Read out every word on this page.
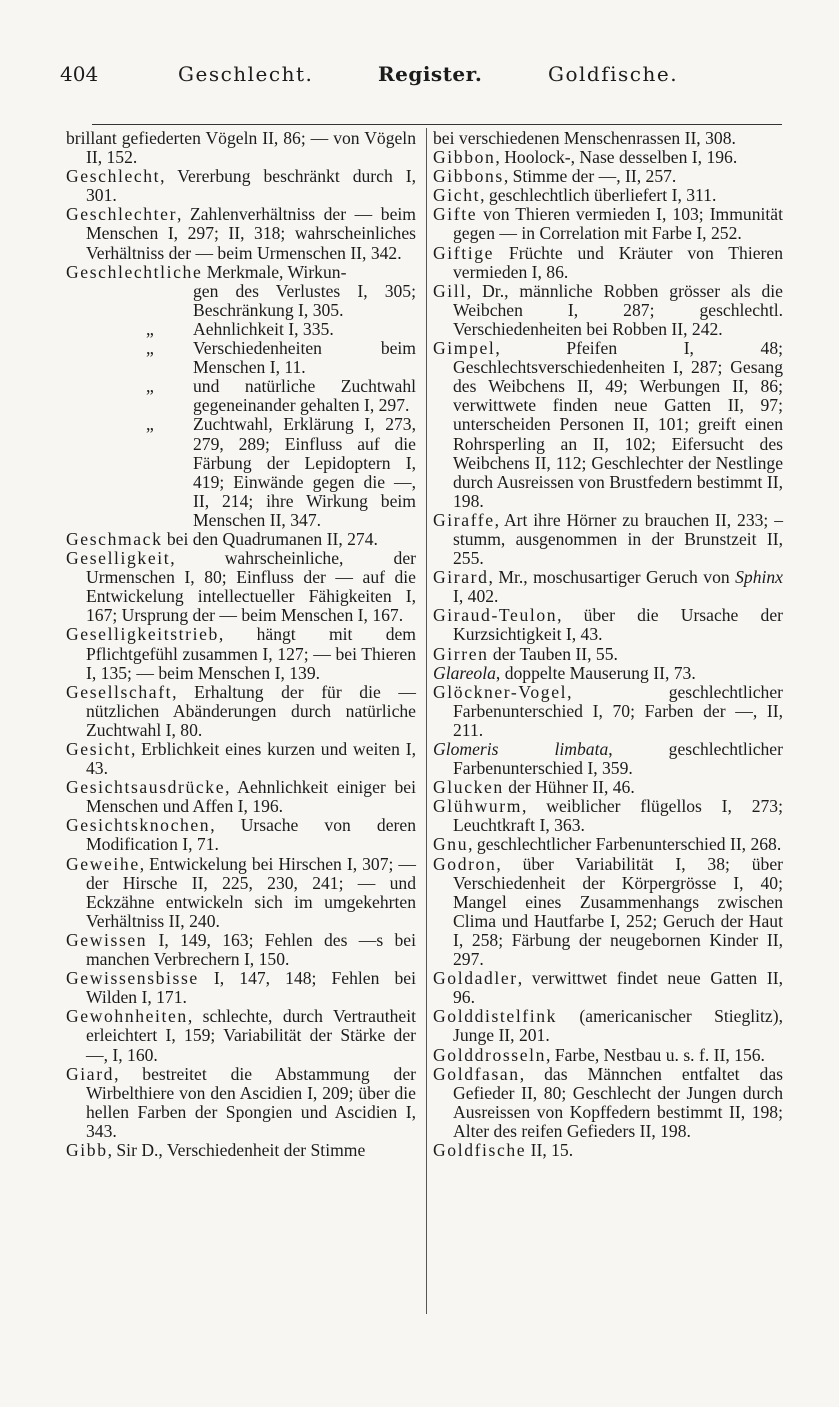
404	Geschlecht.	Register.	Goldfische.

brillant gefiederten Vögeln II, 86; — von Vögeln II, 152.

Geschlecht, Vererbung beschränkt durch I, 301.

Geschlechter, Zahlenverhältniss der — beim Menschen I, 297; II, 318; wahrscheinliches Verhältniss der — beim Urmenschen II, 342.

Geschlechtliche Merkmale, Wirkun-

gen des Verlustes I, 305; Beschränkung I, 305.

„ Aehnlichkeit I, 335.

„ Verschiedenheiten beim Menschen I, 11.

„ und natürliche Zuchtwahl gegeneinander gehalten I, 297.

„ Zuchtwahl, Erklärung I, 273, 279, 289; Einfluss auf die Färbung der Lepidoptern I, 419; Einwände gegen die —, II, 214; ihre Wirkung beim Menschen II, 347.

Geschmack bei den Quadrumanen II, 274.

Geselligkeit, wahrscheinliche, der Urmenschen I, 80; Einfluss der — auf die Entwickelung intellectueller Fähigkeiten I, 167; Ursprung der — beim Menschen I, 167.

Geselligkeitstrieb, hängt mit dem Pflichtgefühl zusammen I, 127; — bei Thieren I, 135; — beim Menschen I, 139.

Gesellschaft, Erhaltung der für die — nützlichen Abänderungen durch natürliche Zuchtwahl I, 80.

Gesicht, Erblichkeit eines kurzen und weiten I, 43.

Gesichtsausdrücke, Aehnlichkeit einiger bei Menschen und Affen I, 196.

Gesichtsknochen, Ursache von deren Modification I, 71.

Geweihe, Entwickelung bei Hirschen I, 307; — der Hirsche II, 225, 230, 241; — und Eckzähne entwickeln sich im umgekehrten Verhältniss II, 240.

Gewissen I, 149, 163; Fehlen des —s bei manchen Verbrechern I, 150.

Gewissensbisse I, 147, 148; Fehlen bei Wilden I, 171.

Gewohnheiten, schlechte, durch Vertrautheit erleichtert I, 159; Variabilität der Stärke der —, I, 160.

Giard, bestreitet die Abstammung der Wirbelthiere von den Ascidien I, 209; über die hellen Farben der Spongien und Ascidien I, 343.

Gibb, Sir D., Verschiedenheit der Stimme

bei verschiedenen Menschenrassen II, 308.

Gibbon, Hoolock-, Nase desselben I, 196.

Gibbons, Stimme der —, II, 257.

Gicht, geschlechtlich überliefert I, 311.

Gifte von Thieren vermieden I, 103; Immunität gegen — in Correlation mit Farbe I, 252.

Giftige Früchte und Kräuter von Thieren vermieden I, 86.

Gill, Dr., männliche Robben grösser als die Weibchen I, 287; geschlechtl. Verschiedenheiten bei Robben II, 242.

Gimpel, Pfeifen I, 48; Geschlechtsverschiedenheiten I, 287; Gesang des Weibchens II, 49; Werbungen II, 86; verwittwete finden neue Gatten II, 97; unterscheiden Personen II, 101; greift einen Rohrsperling an II, 102; Eifersucht des Weibchens II, 112; Geschlechter der Nestlinge durch Ausreissen von Brustfedern bestimmt II, 198.

Giraffe, Art ihre Hörner zu brauchen II, 233; – stumm, ausgenommen in der Brunstzeit II, 255.

Girard, Mr., moschusartiger Geruch von Sphinx I, 402.

Giraud-Teulon, über die Ursache der Kurzsichtigkeit I, 43.

Girren der Tauben II, 55.

Glareola, doppelte Mauserung II, 73.

Glöckner-Vogel, geschlechtlicher Farbenunterschied I, 70; Farben der —, II, 211.

Glomeris limbata, geschlechtlicher Farbenunterschied I, 359.

Glucken der Hühner II, 46.

Glühwurm, weiblicher flügellos I, 273; Leuchtkraft I, 363.

Gnu, geschlechtlicher Farbenunterschied II, 268.

Godron, über Variabilität I, 38; über Verschiedenheit der Körpergrösse I, 40; Mangel eines Zusammenhangs zwischen Clima und Hautfarbe I, 252; Geruch der Haut I, 258; Färbung der neugebornen Kinder II, 297.

Goldadler, verwittwet findet neue Gatten II, 96.

Golddistelfink (americanischer Stieglitz), Junge II, 201.

Golddrosseln, Farbe, Nestbau u. s. f. II, 156.

Goldfasan, das Männchen entfaltet das Gefieder II, 80; Geschlecht der Jungen durch Ausreissen von Kopffedern bestimmt II, 198; Alter des reifen Gefieders II, 198.

Goldfische II, 15.
